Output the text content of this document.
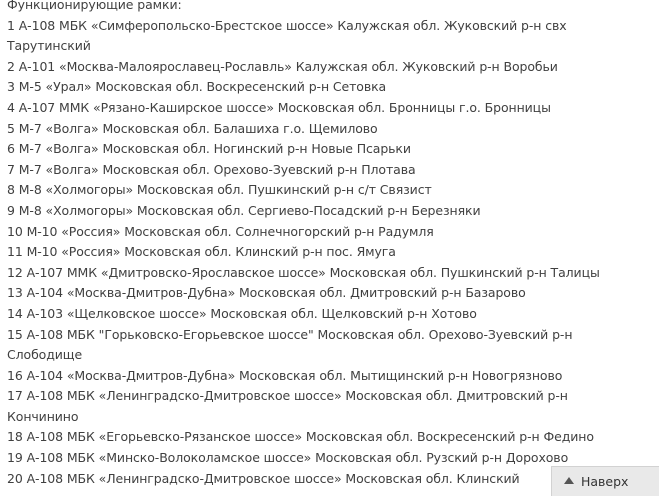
Функционирующие рамки:
1 А-108 МБК «Симферопольско-Брестское шоссе» Калужская обл. Жуковский р-н свх
Тарутинский
2 А-101 «Москва-Малоярославец-Рославль» Калужская обл. Жуковский р-н Воробьи
3 М-5 «Урал» Московская обл. Воскресенский р-н Сетовка
4 А-107 ММК «Рязано-Каширское шоссе» Московская обл. Бронницы г.о. Бронницы
5 М-7 «Волга» Московская обл. Балашиха г.о. Щемилово
6 М-7 «Волга» Московская обл. Ногинский р-н Новые Псарьки
7 М-7 «Волга» Московская обл. Орехово-Зуевский р-н Плотава
8 М-8 «Холмогоры» Московская обл. Пушкинский р-н с/т Связист
9 М-8 «Холмогоры» Московская обл. Сергиево-Посадский р-н Березняки
10 М-10 «Россия» Московская обл. Солнечногорский р-н Радумля
11 М-10 «Россия» Московская обл. Клинский р-н пос. Ямуга
12 А-107 ММК «Дмитровско-Ярославское шоссе» Московская обл. Пушкинский р-н Талицы
13 А-104 «Москва-Дмитров-Дубна» Московская обл. Дмитровский р-н Базарово
14 А-103 «Щелковское шоссе» Московская обл. Щелковский р-н Хотово
15 А-108 МБК "Горьковско-Егорьевское шоссе" Московская обл. Орехово-Зуевский р-н
Слободище
16 А-104 «Москва-Дмитров-Дубна» Московская обл. Мытищинский р-н Новогрязново
17 А-108 МБК «Ленинградско-Дмитровское шоссе» Московская обл. Дмитровский р-н
Кончинино
18 А-108 МБК «Егорьевско-Рязанское шоссе» Московская обл. Воскресенский р-н Федино
19 А-108 МБК «Минско-Волоколамское шоссе» Московская обл. Рузский р-н Дорохово
20 А-108 МБК «Ленинградско-Дмитровское шоссе» Московская обл. Клинский	Наверх
